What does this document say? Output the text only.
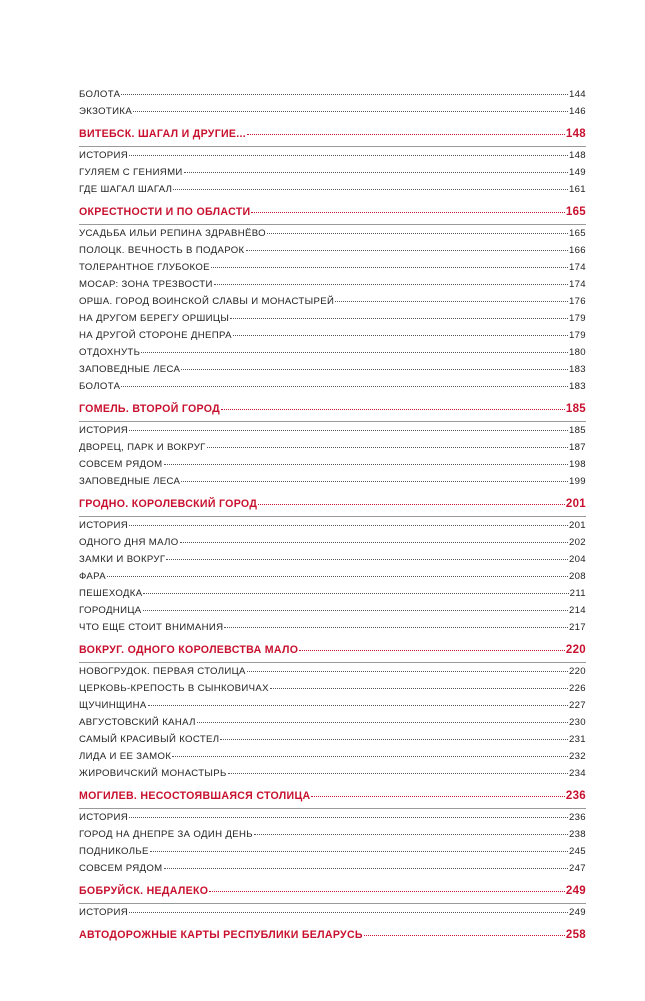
БОЛОТА	144
ЭКЗОТИКА	146
ВИТЕБСК. ШАГАЛ И ДРУГИЕ...	148
ИСТОРИЯ	148
ГУЛЯЕМ С ГЕНИЯМИ	149
ГДЕ ШАГАЛ ШАГАЛ	161
ОКРЕСТНОСТИ И ПО ОБЛАСТИ	165
УСАДЬБА ИЛЬИ РЕПИНА ЗДРАВНЁВО	165
ПОЛОЦК. ВЕЧНОСТЬ В ПОДАРОК	166
ТОЛЕРАНТНОЕ ГЛУБОКОЕ	174
МОСАР: ЗОНА ТРЕЗВОСТИ	174
ОРША. ГОРОД ВОИНСКОЙ СЛАВЫ И МОНАСТЫРЕЙ	176
НА ДРУГОМ БЕРЕГУ ОРШИЦЫ	179
НА ДРУГОЙ СТОРОНЕ ДНЕПРА	179
ОТДОХНУТЬ	180
ЗАПОВЕДНЫЕ ЛЕСА	183
БОЛОТА	183
ГОМЕЛЬ. ВТОРОЙ ГОРОД	185
ИСТОРИЯ	185
ДВОРЕЦ, ПАРК И ВОКРУГ	187
СОВСЕМ РЯДОМ	198
ЗАПОВЕДНЫЕ ЛЕСА	199
ГРОДНО. КОРОЛЕВСКИЙ ГОРОД	201
ИСТОРИЯ	201
ОДНОГО ДНЯ МАЛО	202
ЗАМКИ И ВОКРУГ	204
ФАРА	208
ПЕШЕХОДКА	211
ГОРОДНИЦА	214
ЧТО ЕЩЕ СТОИТ ВНИМАНИЯ	217
ВОКРУГ. ОДНОГО КОРОЛЕВСТВА МАЛО	220
НОВОГРУДОК. ПЕРВАЯ СТОЛИЦА	220
ЦЕРКОВЬ-КРЕПОСТЬ В СЫНКОВИЧАХ	226
ЩУЧИНЩИНА	227
АВГУСТОВСКИЙ КАНАЛ	230
САМЫЙ КРАСИВЫЙ КОСТЕЛ	231
ЛИДА И ЕЕ ЗАМОК	232
ЖИРОВИЧСКИЙ МОНАСТЫРЬ	234
МОГИЛЕВ. НЕСОСТОЯВШАЯСЯ СТОЛИЦА	236
ИСТОРИЯ	236
ГОРОД НА ДНЕПРЕ ЗА ОДИН ДЕНЬ	238
ПОДНИКОЛЬЕ	245
СОВСЕМ РЯДОМ	247
БОБРУЙСК. НЕДАЛЕКО	249
ИСТОРИЯ	249
АВТОДОРОЖНЫЕ КАРТЫ РЕСПУБЛИКИ БЕЛАРУСЬ	258
